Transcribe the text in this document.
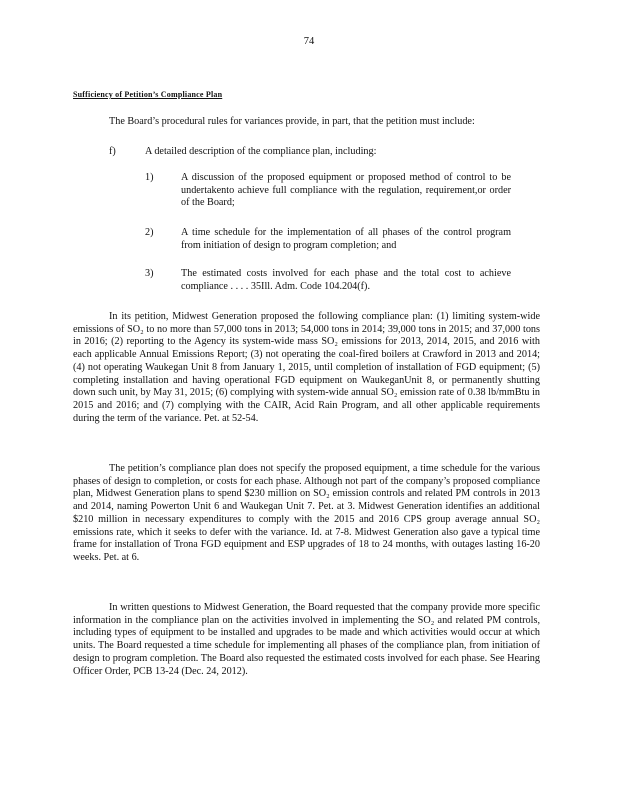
74
Sufficiency of Petition’s Compliance Plan
The Board’s procedural rules for variances provide, in part, that the petition must include:
f)	A detailed description of the compliance plan, including:
1)	A discussion of the proposed equipment or proposed method of control to be undertakento achieve full compliance with the regulation, requirement,or order of the Board;
2)	A time schedule for the implementation of all phases of the control program from initiation of design to program completion; and
3)	The estimated costs involved for each phase and the total cost to achieve compliance . . . . 35Ill. Adm. Code 104.204(f).
In its petition, Midwest Generation proposed the following compliance plan: (1) limiting system-wide emissions of SO₂ to no more than 57,000 tons in 2013; 54,000 tons in 2014; 39,000 tons in 2015; and 37,000 tons in 2016; (2) reporting to the Agency its system-wide mass SO₂ emissions for 2013, 2014, 2015, and 2016 with each applicable Annual Emissions Report; (3) not operating the coal-fired boilers at Crawford in 2013 and 2014; (4) not operating Waukegan Unit 8 from January 1, 2015, until completion of installation of FGD equipment; (5) completing installation and having operational FGD equipment on WaukeganUnit 8, or permanently shutting down such unit, by May 31, 2015; (6) complying with system-wide annual SO₂ emission rate of 0.38 lb/mmBtu in 2015 and 2016; and (7) complying with the CAIR, Acid Rain Program, and all other applicable requirements during the term of the variance. Pet. at 52-54.
The petition’s compliance plan does not specify the proposed equipment, a time schedule for the various phases of design to completion, or costs for each phase. Although not part of the company’s proposed compliance plan, Midwest Generation plans to spend $230 million on SO₂ emission controls and related PM controls in 2013 and 2014, naming Powerton Unit 6 and Waukegan Unit 7. Pet. at 3. Midwest Generation identifies an additional $210 million in necessary expenditures to comply with the 2015 and 2016 CPS group average annual SO₂ emissions rate, which it seeks to defer with the variance. Id. at 7-8. Midwest Generation also gave a typical time frame for installation of Trona FGD equipment and ESP upgrades of 18 to 24 months, with outages lasting 16-20 weeks. Pet. at 6.
In written questions to Midwest Generation, the Board requested that the company provide more specific information in the compliance plan on the activities involved in implementing the SO₂ and related PM controls, including types of equipment to be installed and upgrades to be made and which activities would occur at which units. The Board requested a time schedule for implementing all phases of the compliance plan, from initiation of design to program completion. The Board also requested the estimated costs involved for each phase. See Hearing Officer Order, PCB 13-24 (Dec. 24, 2012).
